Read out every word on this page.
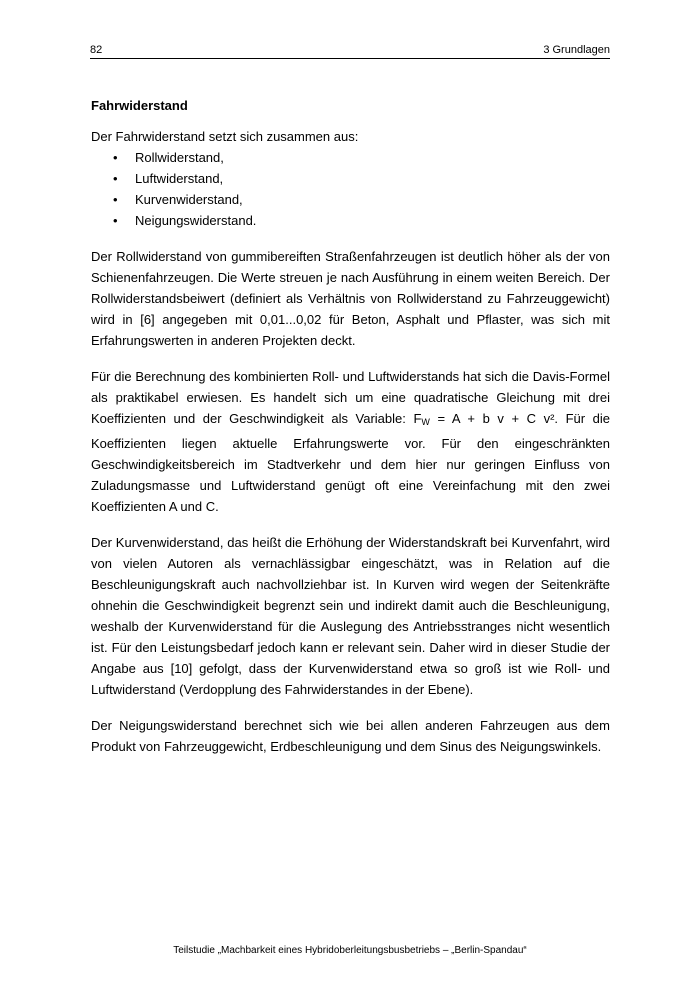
82	3 Grundlagen
Fahrwiderstand

Der Fahrwiderstand setzt sich zusammen aus:

• Rollwiderstand,
• Luftwiderstand,
• Kurvenwiderstand,
• Neigungswiderstand.

Der Rollwiderstand von gummibereiften Straßenfahrzeugen ist deutlich höher als der von Schienenfahrzeugen. Die Werte streuen je nach Ausführung in einem weiten Bereich. Der Rollwiderstandsbeiwert (definiert als Verhältnis von Rollwiderstand zu Fahrzeuggewicht) wird in [6] angegeben mit 0,01...0,02 für Beton, Asphalt und Pflaster, was sich mit Erfahrungswerten in anderen Projekten deckt.

Für die Berechnung des kombinierten Roll- und Luftwiderstands hat sich die Davis-Formel als praktikabel erwiesen. Es handelt sich um eine quadratische Gleichung mit drei Koeffizienten und der Geschwindigkeit als Variable: $F_W = A + b$ v + C v². Für die Koeffizienten liegen aktuelle Erfahrungswerte vor. Für den eingeschränkten Geschwindigkeitsbereich im Stadtverkehr und dem hier nur geringen Einfluss von Zuladungsmasse und Luftwiderstand genügt oft eine Vereinfachung mit den zwei Koeffizienten A und C.

Der Kurvenwiderstand, das heißt die Erhöhung der Widerstandskraft bei Kurvenfahrt, wird von vielen Autoren als vernachlässigbar eingeschätzt, was in Relation auf die Beschleunigungskraft auch nachvollziehbar ist. In Kurven wird wegen der Seitenkräfte ohnehin die Geschwindigkeit begrenzt sein und indirekt damit auch die Beschleunigung, weshalb der Kurvenwiderstand für die Auslegung des Antriebsstranges nicht wesentlich ist. Für den Leistungsbedarf jedoch kann er relevant sein. Daher wird in dieser Studie der Angabe aus [10] gefolgt, dass der Kurvenwiderstand etwa so groß ist wie Roll- und Luftwiderstand (Verdopplung des Fahrwiderstandes in der Ebene).

Der Neigungswiderstand berechnet sich wie bei allen anderen Fahrzeugen aus dem Produkt von Fahrzeuggewicht, Erdbeschleunigung und dem Sinus des Neigungswinkels.

Teilstudie „Machbarkeit eines Hybridoberleitungsbusbetriebs – „Berlin-Spandau“
